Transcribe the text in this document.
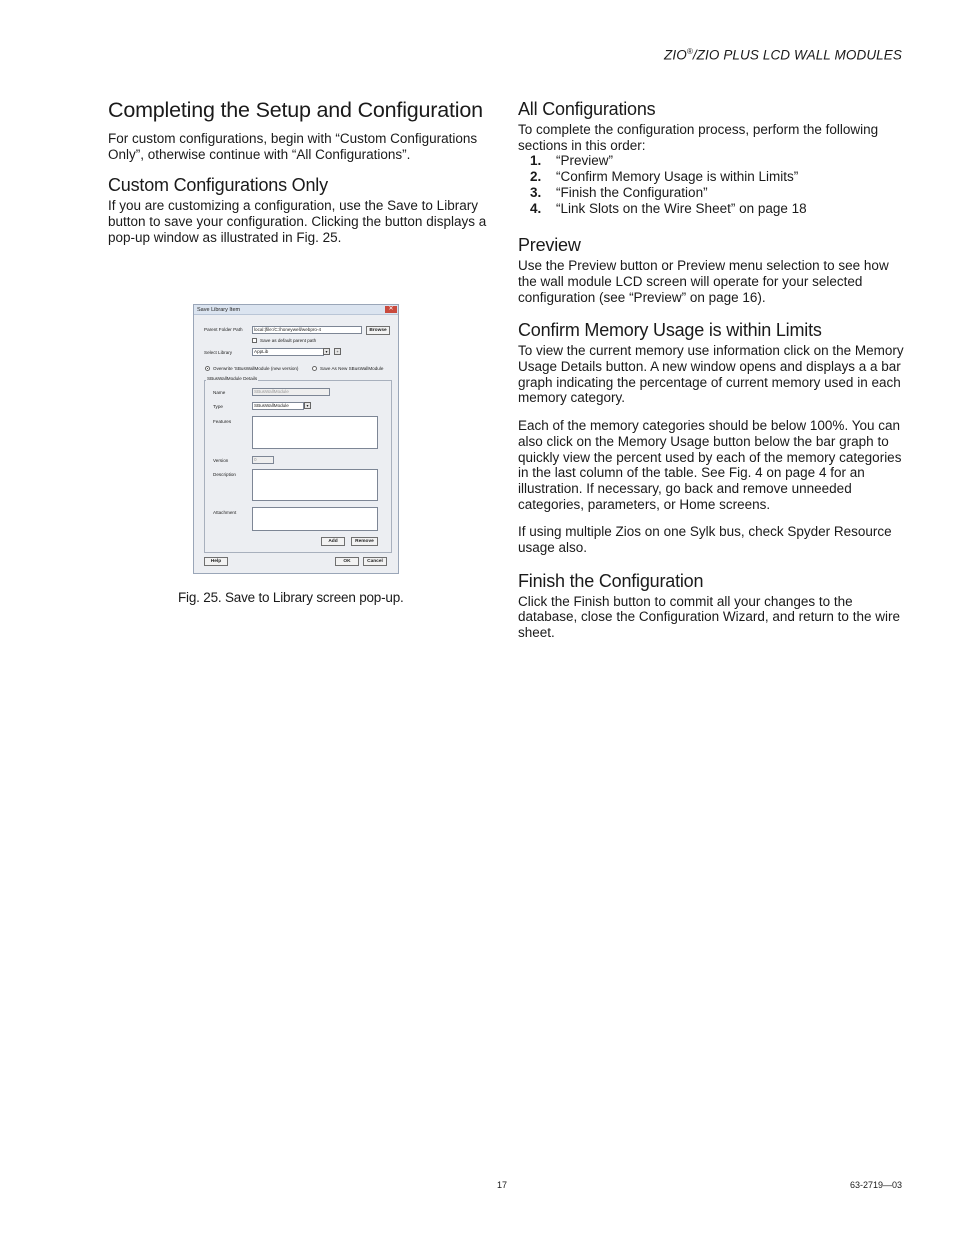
ZIO®/ZIO PLUS LCD WALL MODULES
Completing the Setup and Configuration

For custom configurations, begin with “Custom Configurations Only”, otherwise continue with “All Configurations”.

Custom Configurations Only

If you are customizing a configuration, use the Save to Library button to save your configuration. Clicking the button displays a pop-up window as illustrated in Fig. 25.

Save Library Item	✕
Parent Folder Path	local:|file:/C:/honeywell/webpro-4	Browse
Save as default parent path
Select Library	AppLib	▾	+
Overwrite 'SBusWallModule (new version)	Save As New SBusWallModule
SBusWallModule Details
Name	SBusWallModule
Type	SBusWallModule	▾
Features
Version	0
Description
Attachment
Add	Remove
Help	OK	Cancel
Fig. 25. Save to Library screen pop-up.
All Configurations

To complete the configuration process, perform the following sections in this order:

1.	“Preview”
2.	“Confirm Memory Usage is within Limits”
3.	“Finish the Configuration”
4.	“Link Slots on the Wire Sheet” on page 18
Preview

Use the Preview button or Preview menu selection to see how the wall module LCD screen will operate for your selected configuration (see “Preview” on page 16).

Confirm Memory Usage is within Limits

To view the current memory use information click on the Memory Usage Details button. A new window opens and displays a a bar graph indicating the percentage of current memory used in each memory category.

Each of the memory categories should be below 100%. You can also click on the Memory Usage button below the bar graph to quickly view the percent used by each of the memory categories in the last column of the table. See Fig. 4 on page 4 for an illustration. If necessary, go back and remove unneeded categories, parameters, or Home screens.

If using multiple Zios on one Sylk bus, check Spyder Resource usage also.

Finish the Configuration

Click the Finish button to commit all your changes to the database, close the Configuration Wizard, and return to the wire sheet.

17	63-2719—03
